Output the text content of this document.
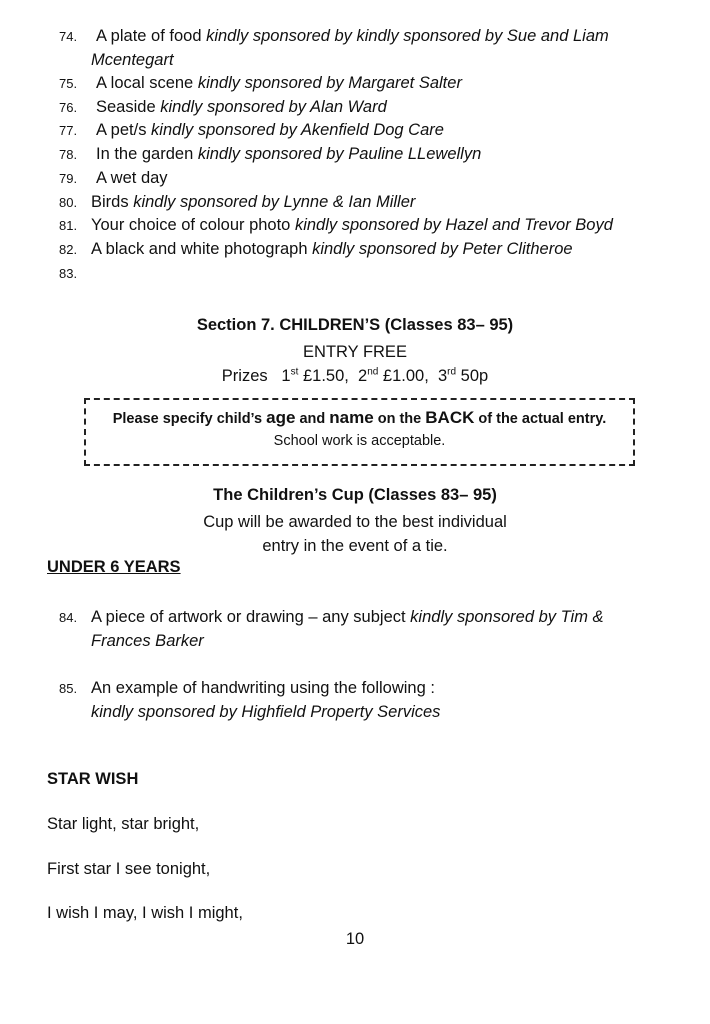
74. A plate of food kindly sponsored by kindly sponsored by Sue and Liam
Mcentegart
75. A local scene kindly sponsored by Margaret Salter
76. Seaside kindly sponsored by Alan Ward
77. A pet/s kindly sponsored by Akenfield Dog Care
78. In the garden kindly sponsored by Pauline LLewellyn
79. A wet day
80. Birds kindly sponsored by Lynne & Ian Miller
81. Your choice of colour photo kindly sponsored by Hazel and Trevor Boyd
82. A black and white photograph kindly sponsored by Peter Clitheroe
83.
Section 7. CHILDREN’S (Classes 83– 95)
ENTRY FREE
Prizes 1st £1.50, 2nd £1.00, 3rd 50p
Please specify child’s age and name on the BACK of the actual entry.
School work is acceptable.
The Children’s Cup (Classes 83– 95)
Cup will be awarded to the best individual
entry in the event of a tie.
UNDER 6 YEARS
84. A piece of artwork or drawing – any subject kindly sponsored by Tim &
Frances Barker
85. An example of handwriting using the following :
kindly sponsored by Highfield Property Services
STAR WISH
Star light, star bright,
First star I see tonight,
I wish I may, I wish I might,
10
